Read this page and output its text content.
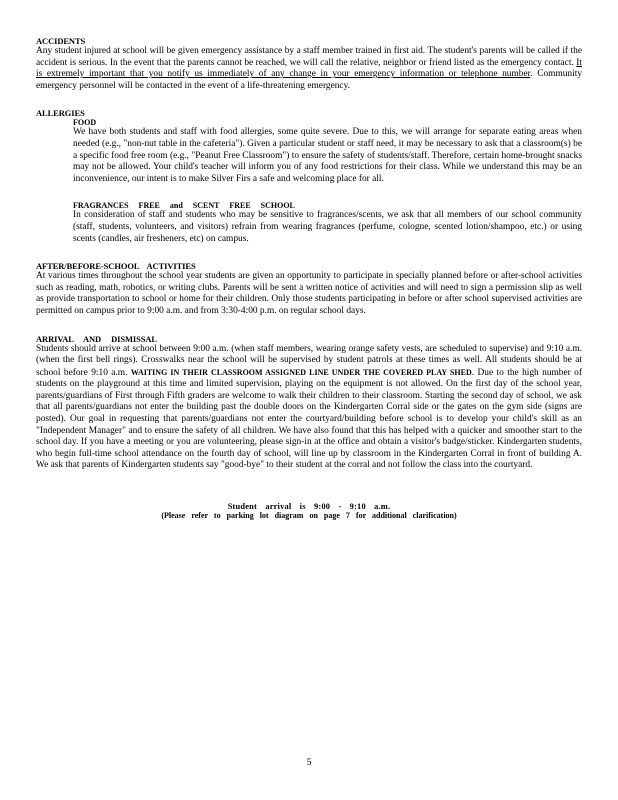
ACCIDENTS

Any student injured at school will be given emergency assistance by a staff member trained in first aid. The student's parents will be called if the accident is serious. In the event that the parents cannot be reached, we will call the relative, neighbor or friend listed as the emergency contact. It is extremely important that you notify us immediately of any change in your emergency information or telephone number. Community emergency personnel will be contacted in the event of a life-threatening emergency.

ALLERGIES

FOOD

We have both students and staff with food allergies, some quite severe. Due to this, we will arrange for separate eating areas when needed (e.g., "non-nut table in the cafeteria"). Given a particular student or staff need, it may be necessary to ask that a classroom(s) be a specific food free room (e.g., "Peanut Free Classroom") to ensure the safety of students/staff. Therefore, certain home-brought snacks may not be allowed. Your child's teacher will inform you of any food restrictions for their class. While we understand this may be an inconvenience, our intent is to make Silver Firs a safe and welcoming place for all.

FRAGRANCES FREE and SCENT FREE SCHOOL

In consideration of staff and students who may be sensitive to fragrances/scents, we ask that all members of our school community (staff, students, volunteers, and visitors) refrain from wearing fragrances (perfume, cologne, scented lotion/shampoo, etc.) or using scents (candles, air fresheners, etc) on campus.

AFTER/BEFORE-SCHOOL ACTIVITIES

At various times throughout the school year students are given an opportunity to participate in specially planned before or after-school activities such as reading, math, robotics, or writing clubs. Parents will be sent a written notice of activities and will need to sign a permission slip as well as provide transportation to school or home for their children. Only those students participating in before or after school supervised activities are permitted on campus prior to 9:00 a.m. and from 3:30-4:00 p.m. on regular school days.

ARRIVAL AND DISMISSAL

Students should arrive at school between 9:00 a.m. (when staff members, wearing orange safety vests, are scheduled to supervise) and 9:10 a.m. (when the first bell rings). Crosswalks near the school will be supervised by student patrols at these times as well. All students should be at school before 9:10 a.m. WAITING IN THEIR CLASSROOM ASSIGNED LINE UNDER THE COVERED PLAY SHED. Due to the high number of students on the playground at this time and limited supervision, playing on the equipment is not allowed. On the first day of the school year, parents/guardians of First through Fifth graders are welcome to walk their children to their classroom. Starting the second day of school, we ask that all parents/guardians not enter the building past the double doors on the Kindergarten Corral side or the gates on the gym side (signs are posted). Our goal in requesting that parents/guardians not enter the courtyard/building before school is to develop your child's skill as an "Independent Manager" and to ensure the safety of all children. We have also found that this has helped with a quicker and smoother start to the school day. If you have a meeting or you are volunteering, please sign-in at the office and obtain a visitor's badge/sticker. Kindergarten students, who begin full-time school attendance on the fourth day of school, will line up by classroom in the Kindergarten Corral in front of building A. We ask that parents of Kindergarten students say "good-bye" to their student at the corral and not follow the class into the courtyard.

Student arrival is 9:00 - 9:10 a.m.

(Please refer to parking lot diagram on page 7 for additional clarification)

5
